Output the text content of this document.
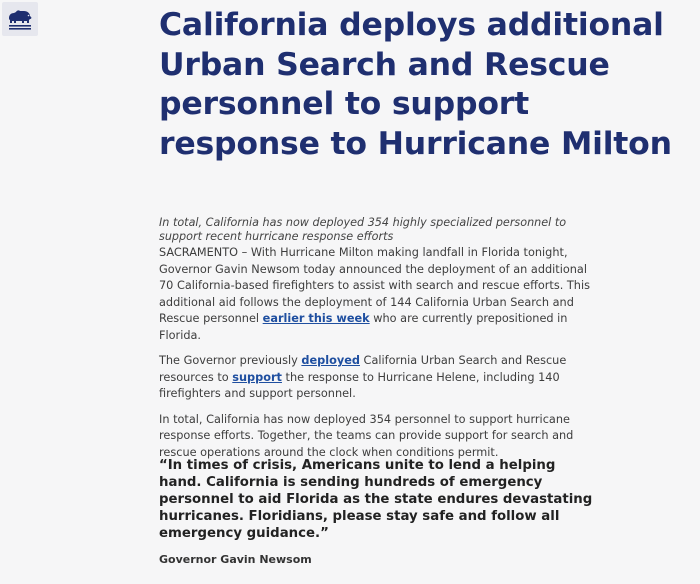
California deploys additional Urban Search and Rescue personnel to support response to Hurricane Milton

In total, California has now deployed 354 highly specialized personnel to support recent hurricane response efforts

SACRAMENTO – With Hurricane Milton making landfall in Florida tonight, Governor Gavin Newsom today announced the deployment of an additional 70 California-based firefighters to assist with search and rescue efforts. This additional aid follows the deployment of 144 California Urban Search and Rescue personnel earlier this week who are currently prepositioned in Florida.

The Governor previously deployed California Urban Search and Rescue resources to support the response to Hurricane Helene, including 140 firefighters and support personnel.

In total, California has now deployed 354 personnel to support hurricane response efforts. Together, the teams can provide support for search and rescue operations around the clock when conditions permit.

“In times of crisis, Americans unite to lend a helping hand. California is sending hundreds of emergency personnel to aid Florida as the state endures devastating hurricanes. Floridians, please stay safe and follow all emergency guidance.”

Governor Gavin Newsom
